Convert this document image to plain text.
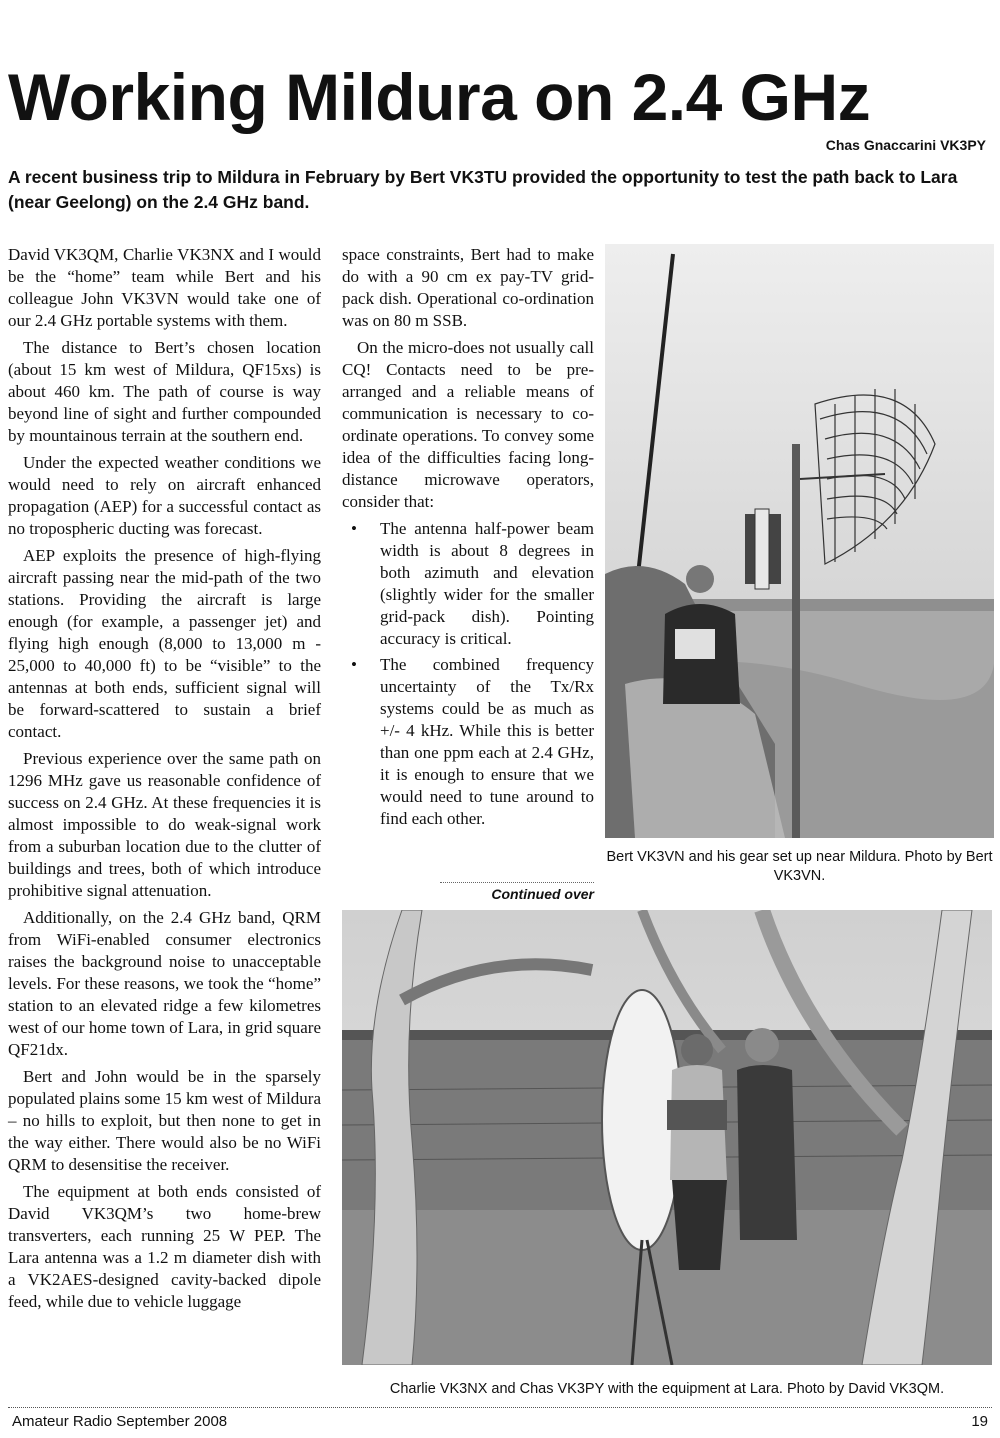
Working Mildura on 2.4 GHz

Chas Gnaccarini VK3PY

A recent business trip to Mildura in February by Bert VK3TU provided the opportunity to test the path back to Lara (near Geelong) on the 2.4 GHz band.

David VK3QM, Charlie VK3NX and I would be the “home” team while Bert and his colleague John VK3VN would take one of our 2.4 GHz portable systems with them.

The distance to Bert’s chosen location (about 15 km west of Mildura, QF15xs) is about 460 km. The path of course is way beyond line of sight and further compounded by mountainous terrain at the southern end.

Under the expected weather conditions we would need to rely on aircraft enhanced propagation (AEP) for a successful contact as no tropospheric ducting was forecast.

AEP exploits the presence of high-flying aircraft passing near the mid-path of the two stations. Providing the aircraft is large enough (for example, a passenger jet) and flying high enough (8,000 to 13,000 m - 25,000 to 40,000 ft) to be “visible” to the antennas at both ends, sufficient signal will be forward-scattered to sustain a brief contact.

Previous experience over the same path on 1296 MHz gave us reasonable confidence of success on 2.4 GHz. At these frequencies it is almost impossible to do weak-signal work from a suburban location due to the clutter of buildings and trees, both of which introduce prohibitive signal attenuation.

Additionally, on the 2.4 GHz band, QRM from WiFi-enabled consumer electronics raises the background noise to unacceptable levels. For these reasons, we took the “home” station to an elevated ridge a few kilometres west of our home town of Lara, in grid square QF21dx.

Bert and John would be in the sparsely populated plains some 15 km west of Mildura – no hills to exploit, but then none to get in the way either. There would also be no WiFi QRM to desensitise the receiver.

The equipment at both ends consisted of David VK3QM’s two home-brew transverters, each running 25 W PEP. The Lara antenna was a 1.2 m diameter dish with a VK2AES-designed cavity-backed dipole feed, while due to vehicle luggage

space constraints, Bert had to make do with a 90 cm ex pay-TV grid-pack dish. Operational co-ordination was on 80 m SSB.

On the micro-does not usually call CQ! Contacts need to be pre-arranged and a reliable means of communication is necessary to co-ordinate operations. To convey some idea of the difficulties facing long-distance microwave operators, consider that:

• The antenna half-power beam width is about 8 degrees in both azimuth and elevation (slightly wider for the smaller grid-pack dish). Pointing accuracy is critical.
• The combined frequency uncertainty of the Tx/Rx systems could be as much as +/- 4 kHz. While this is better than one ppm each at 2.4 GHz, it is enough to ensure that we would need to tune around to find each other.

Continued over

Bert VK3VN and his gear set up near Mildura. Photo by Bert VK3VN.

Charlie VK3NX and Chas VK3PY with the equipment at Lara. Photo by David VK3QM.

Amateur Radio September 2008	19
